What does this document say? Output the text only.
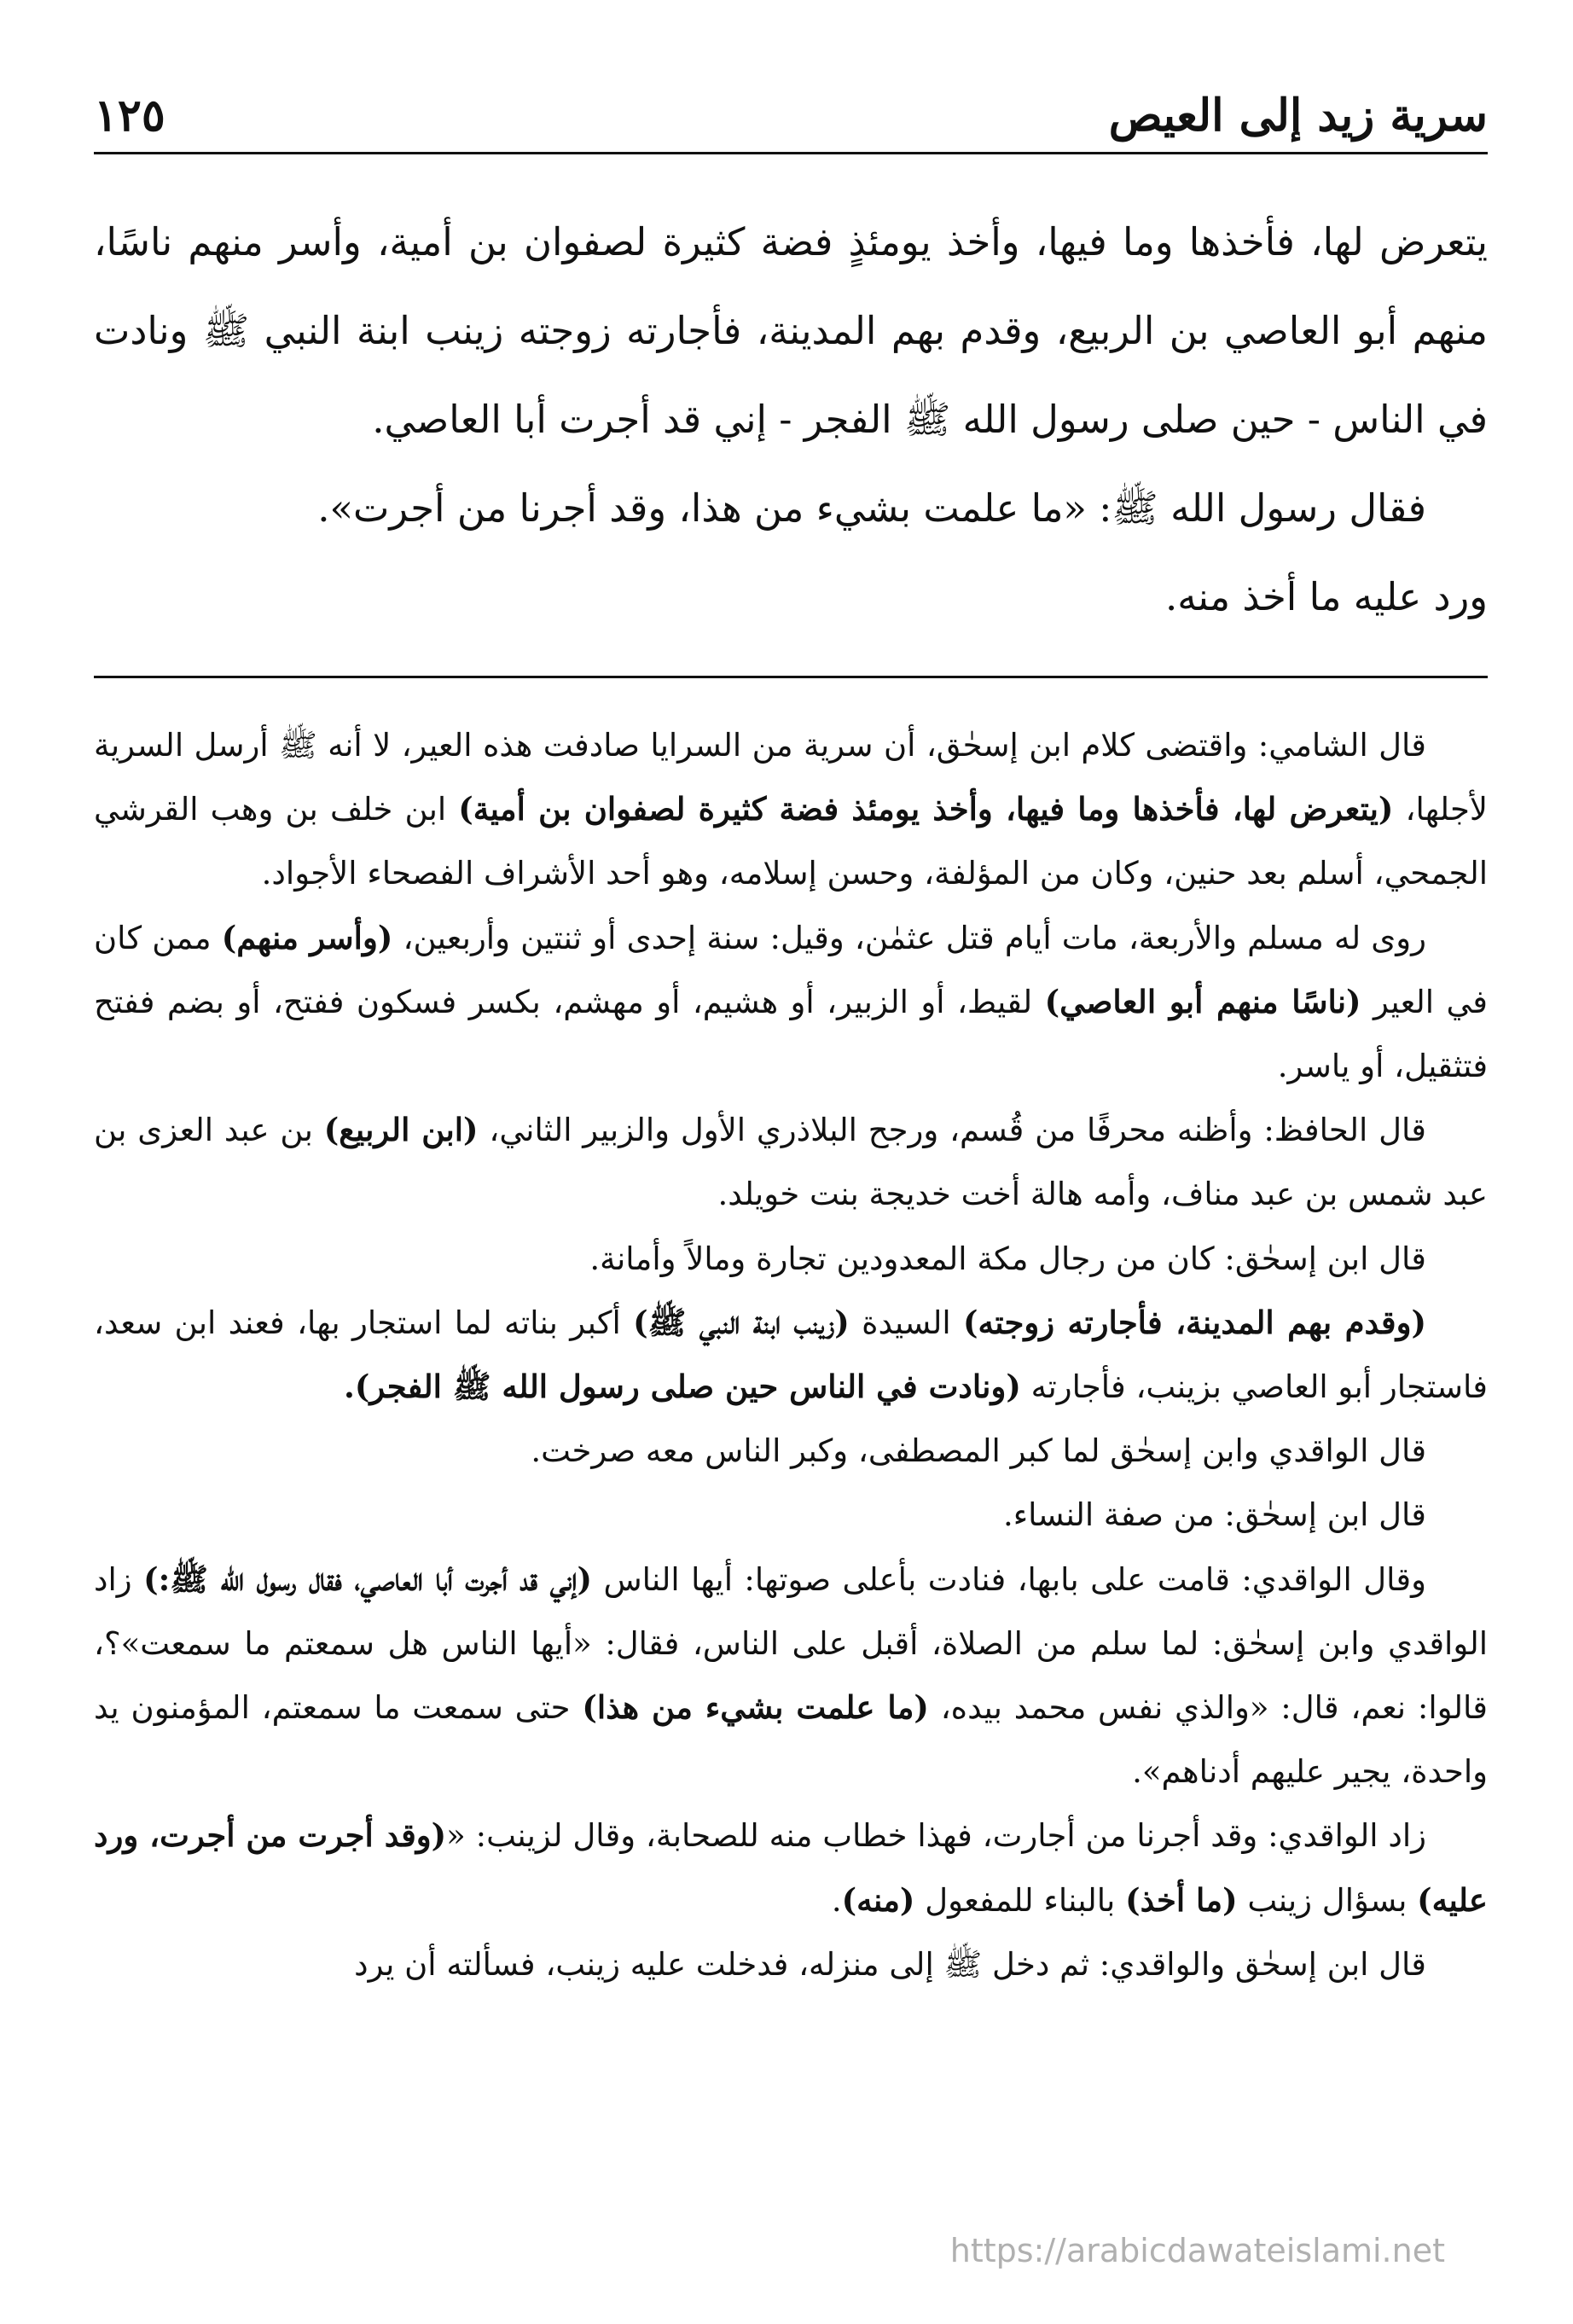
سرية زيد إلى العيص
١٢٥

يتعرض لها، فأخذها وما فيها، وأخذ يومئذٍ فضة كثيرة لصفوان بن أمية، وأسر منهم ناسًا، منهم أبو العاصي بن الربيع، وقدم بهم المدينة، فأجارته زوجته زينب ابنة النبي ﷺ ونادت في الناس - حين صلى رسول الله ﷺ الفجر - إني قد أجرت أبا العاصي.

فقال رسول الله ﷺ: «ما علمت بشيء من هذا، وقد أجرنا من أجرت».

ورد عليه ما أخذ منه.

قال الشامي: واقتضى كلام ابن إسحٰق، أن سرية من السرايا صادفت هذه العير، لا أنه ﷺ أرسل السرية لأجلها، (يتعرض لها، فأخذها وما فيها، وأخذ يومئذ فضة كثيرة لصفوان بن أمية) ابن خلف بن وهب القرشي الجمحي، أسلم بعد حنين، وكان من المؤلفة، وحسن إسلامه، وهو أحد الأشراف الفصحاء الأجواد.

روى له مسلم والأربعة، مات أيام قتل عثمٰن، وقيل: سنة إحدى أو ثنتين وأربعين، (وأسر منهم) ممن كان في العير (ناسًا منهم أبو العاصي) لقيط، أو الزبير، أو هشيم، أو مهشم، بكسر فسكون ففتح، أو بضم ففتح فتثقيل، أو ياسر.

قال الحافظ: وأظنه محرفًا من قُسم، ورجح البلاذري الأول والزبير الثاني، (ابن الربيع) بن عبد العزى بن عبد شمس بن عبد مناف، وأمه هالة أخت خديجة بنت خويلد.

قال ابن إسحٰق: كان من رجال مكة المعدودين تجارة ومالاً وأمانة.

(وقدم بهم المدينة، فأجارته زوجته) السيدة (زينب ابنة النبي ﷺ) أكبر بناته لما استجار بها، فعند ابن سعد، فاستجار أبو العاصي بزينب، فأجارته (ونادت في الناس حين صلى رسول الله ﷺ الفجر).

قال الواقدي وابن إسحٰق لما كبر المصطفى، وكبر الناس معه صرخت.

قال ابن إسحٰق: من صفة النساء.

وقال الواقدي: قامت على بابها، فنادت بأعلى صوتها: أيها الناس (إني قد أجرت أبا العاصي، فقال رسول الله ﷺ:) زاد الواقدي وابن إسحٰق: لما سلم من الصلاة، أقبل على الناس، فقال: «أيها الناس هل سمعتم ما سمعت»؟، قالوا: نعم، قال: «والذي نفس محمد بيده، (ما علمت بشيء من هذا) حتى سمعت ما سمعتم، المؤمنون يد واحدة، يجير عليهم أدناهم».

زاد الواقدي: وقد أجرنا من أجارت، فهذا خطاب منه للصحابة، وقال لزينب: «(وقد أجرت من أجرت، ورد عليه) بسؤال زينب (ما أخذ) بالبناء للمفعول (منه).

قال ابن إسحٰق والواقدي: ثم دخل ﷺ إلى منزله، فدخلت عليه زينب، فسألته أن يرد

https://arabicdawateislami.net
